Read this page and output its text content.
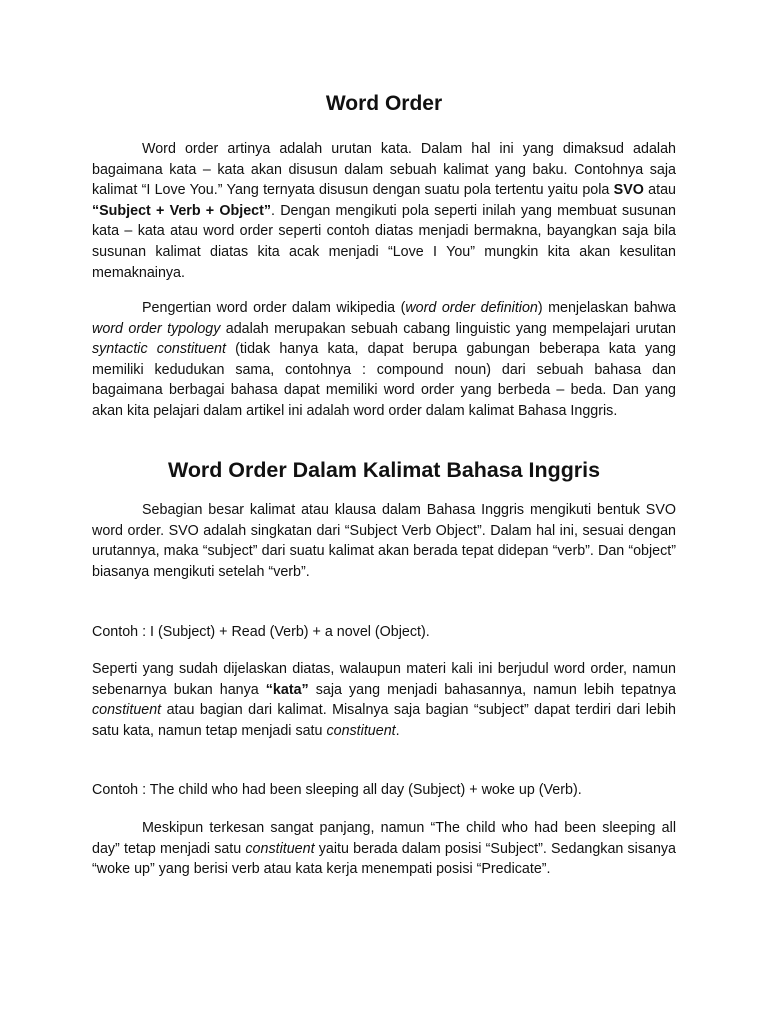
Word Order

Word order artinya adalah urutan kata. Dalam hal ini yang dimaksud adalah bagaimana kata – kata akan disusun dalam sebuah kalimat yang baku. Contohnya saja kalimat “I Love You.” Yang ternyata disusun dengan suatu pola tertentu yaitu pola SVO atau “Subject + Verb + Object”. Dengan mengikuti pola seperti inilah yang membuat susunan kata – kata atau word order seperti contoh diatas menjadi bermakna, bayangkan saja bila susunan kalimat diatas kita acak menjadi “Love I You” mungkin kita akan kesulitan memaknainya.

Pengertian word order dalam wikipedia (word order definition) menjelaskan bahwa word order typology adalah merupakan sebuah cabang linguistic yang mempelajari urutan syntactic constituent (tidak hanya kata, dapat berupa gabungan beberapa kata yang memiliki kedudukan sama, contohnya : compound noun) dari sebuah bahasa dan bagaimana berbagai bahasa dapat memiliki word order yang berbeda – beda. Dan yang akan kita pelajari dalam artikel ini adalah word order dalam kalimat Bahasa Inggris.

Word Order Dalam Kalimat Bahasa Inggris

Sebagian besar kalimat atau klausa dalam Bahasa Inggris mengikuti bentuk SVO word order. SVO adalah singkatan dari “Subject Verb Object”. Dalam hal ini, sesuai dengan urutannya, maka “subject” dari suatu kalimat akan berada tepat didepan “verb”. Dan “object” biasanya mengikuti setelah “verb”.

Contoh : I (Subject) + Read (Verb) + a novel (Object).

Seperti yang sudah dijelaskan diatas, walaupun materi kali ini berjudul word order, namun sebenarnya bukan hanya “kata” saja yang menjadi bahasannya, namun lebih tepatnya constituent atau bagian dari kalimat. Misalnya saja bagian “subject” dapat terdiri dari lebih satu kata, namun tetap menjadi satu constituent.

Contoh : The child who had been sleeping all day (Subject) + woke up (Verb).

Meskipun terkesan sangat panjang, namun “The child who had been sleeping all day” tetap menjadi satu constituent yaitu berada dalam posisi “Subject”. Sedangkan sisanya “woke up” yang berisi verb atau kata kerja menempati posisi “Predicate”.
